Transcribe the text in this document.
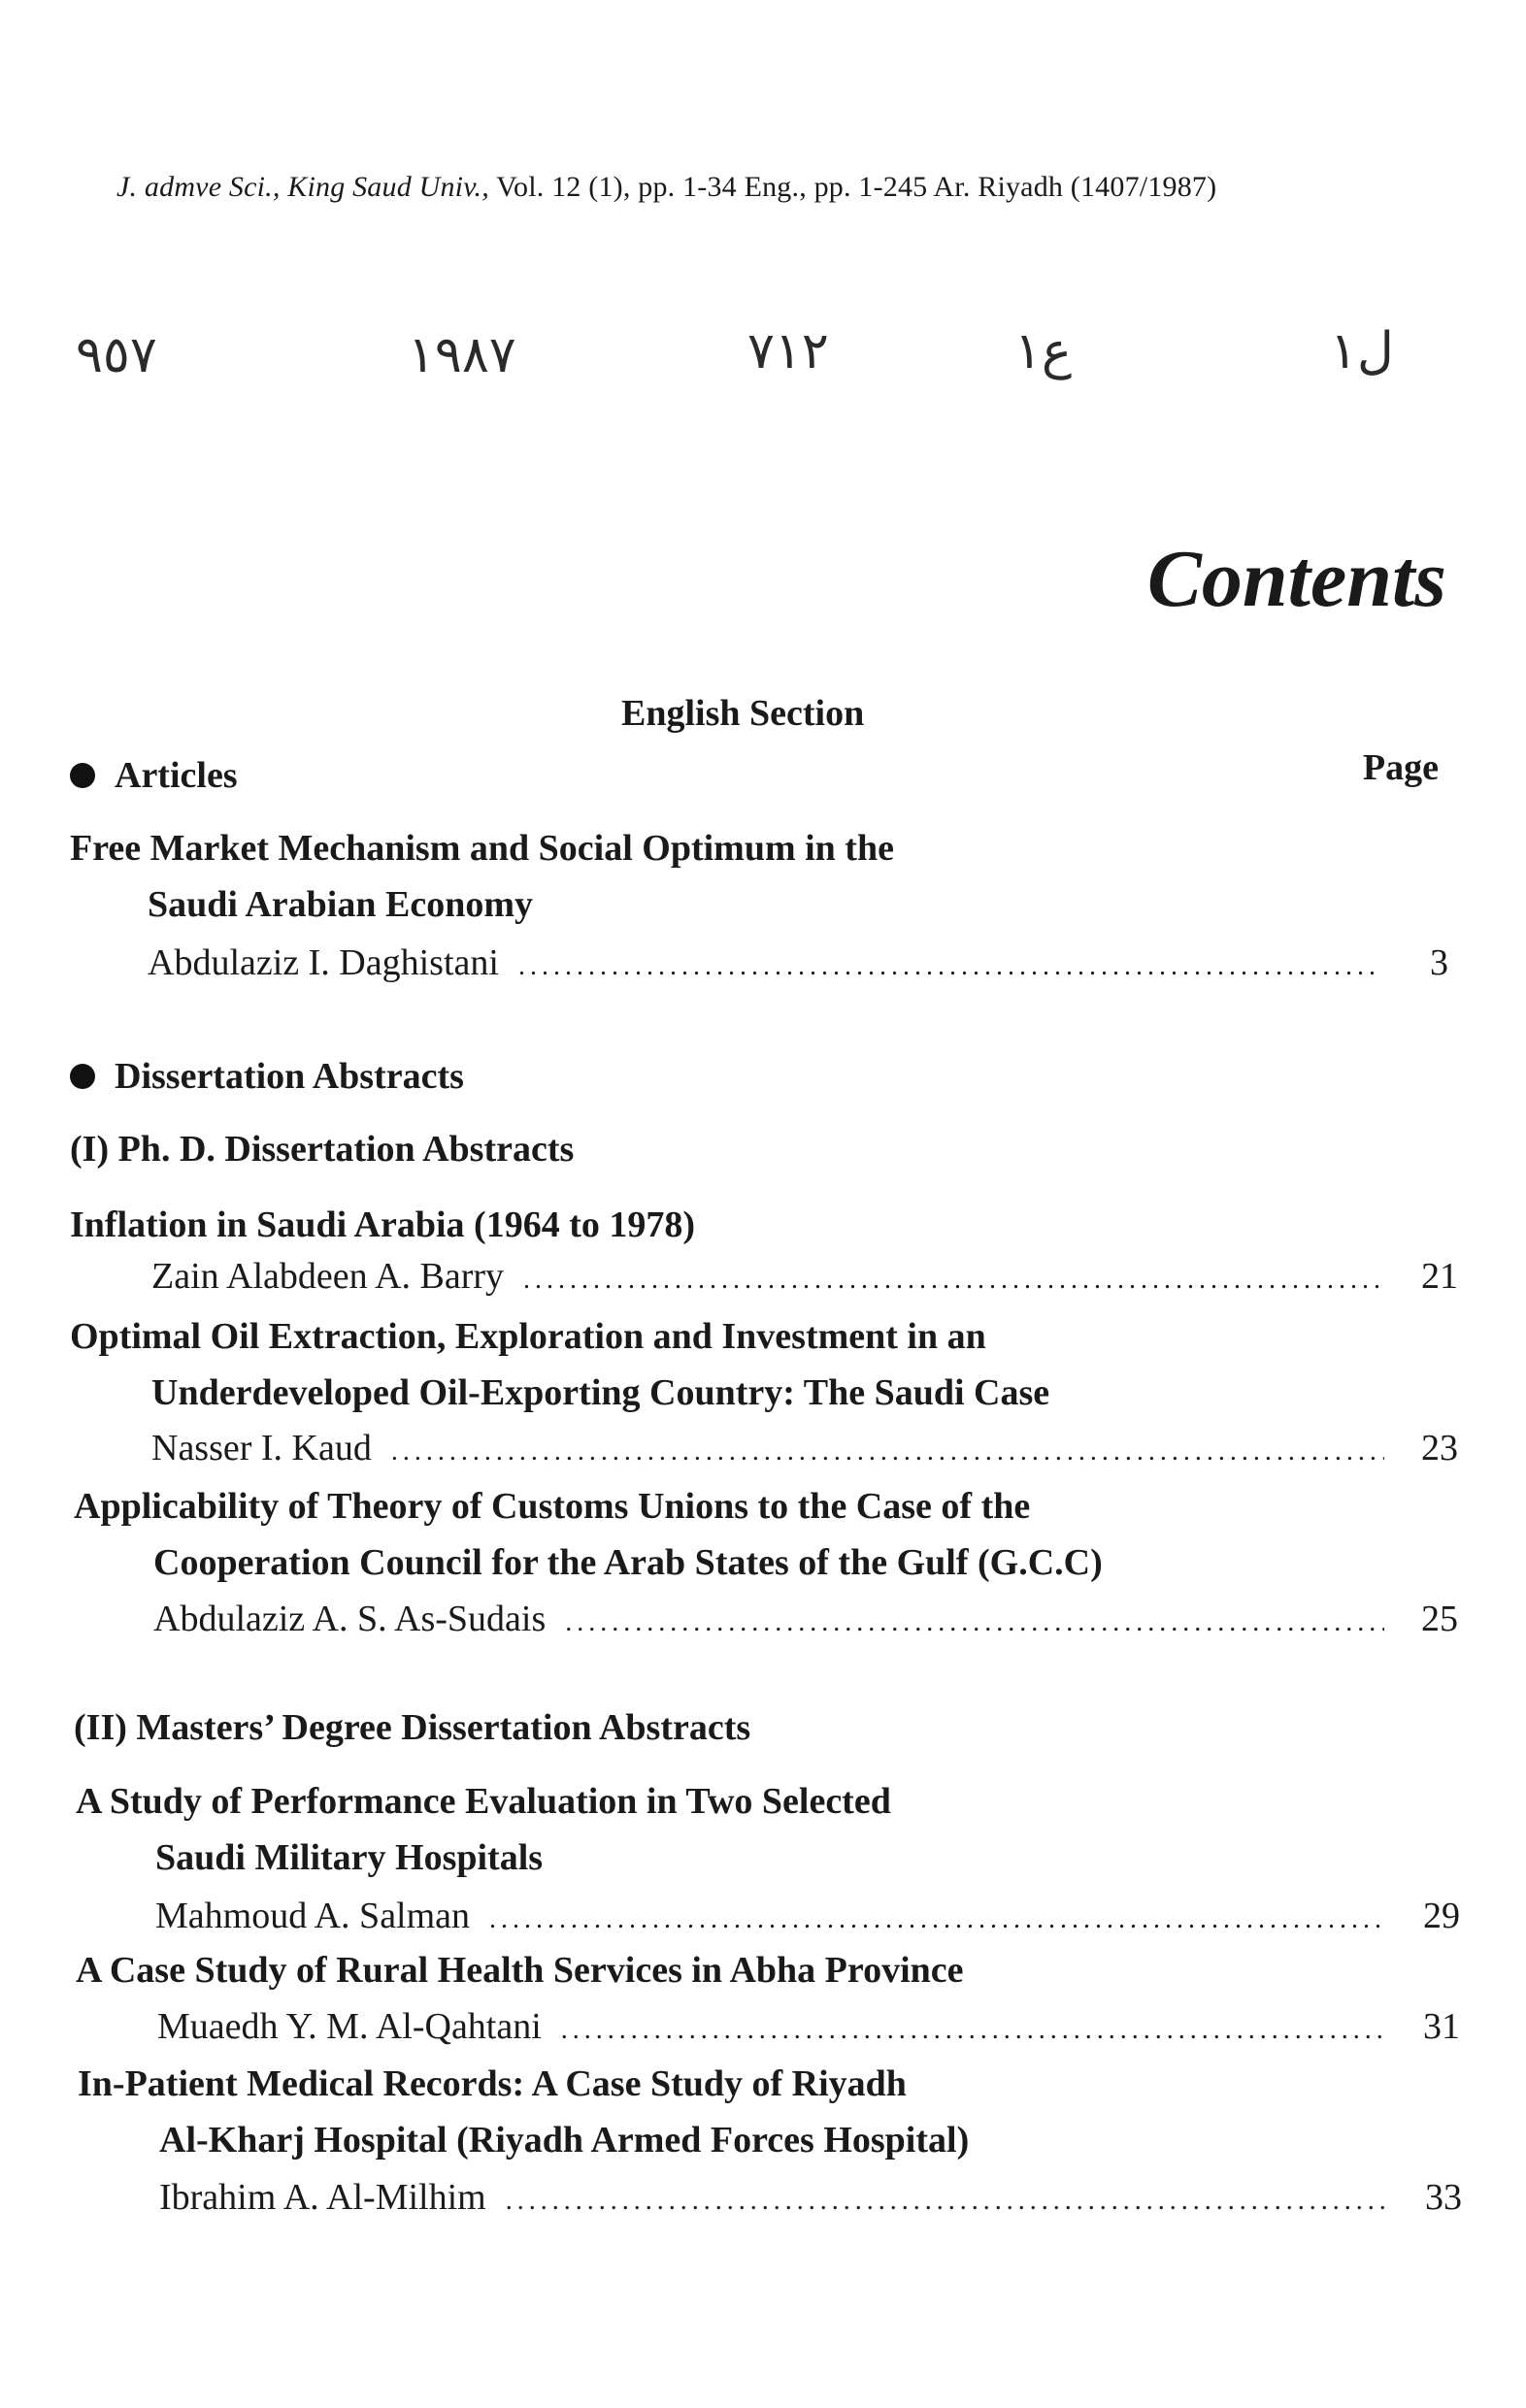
J. admve Sci., King Saud Univ., Vol. 12 (1), pp. 1-34 Eng., pp. 1-245 Ar. Riyadh (1407/1987)
٩٥٧	١٩٨٧	٧١٢	ع١	ل١
Contents
English Section
Page
Articles
Free Market Mechanism and Social Optimum in the
Saudi Arabian Economy
Abdulaziz I. Daghistani . . .	3
Dissertation Abstracts
(I) Ph. D. Dissertation Abstracts
Inflation in Saudi Arabia (1964 to 1978)
Zain Alabdeen A. Barry . . .	21
Optimal Oil Extraction, Exploration and Investment in an
Underdeveloped Oil-Exporting Country: The Saudi Case
Nasser I. Kaud . . .	23
Applicability of Theory of Customs Unions to the Case of the
Cooperation Council for the Arab States of the Gulf (G.C.C)
Abdulaziz A. S. As-Sudais . . .	25
(II) Masters’ Degree Dissertation Abstracts
A Study of Performance Evaluation in Two Selected
Saudi Military Hospitals
Mahmoud A. Salman . . .	29
A Case Study of Rural Health Services in Abha Province
Muaedh Y. M. Al-Qahtani . . .	31
In-Patient Medical Records: A Case Study of Riyadh
Al-Kharj Hospital (Riyadh Armed Forces Hospital)
Ibrahim A. Al-Milhim . . .	33
